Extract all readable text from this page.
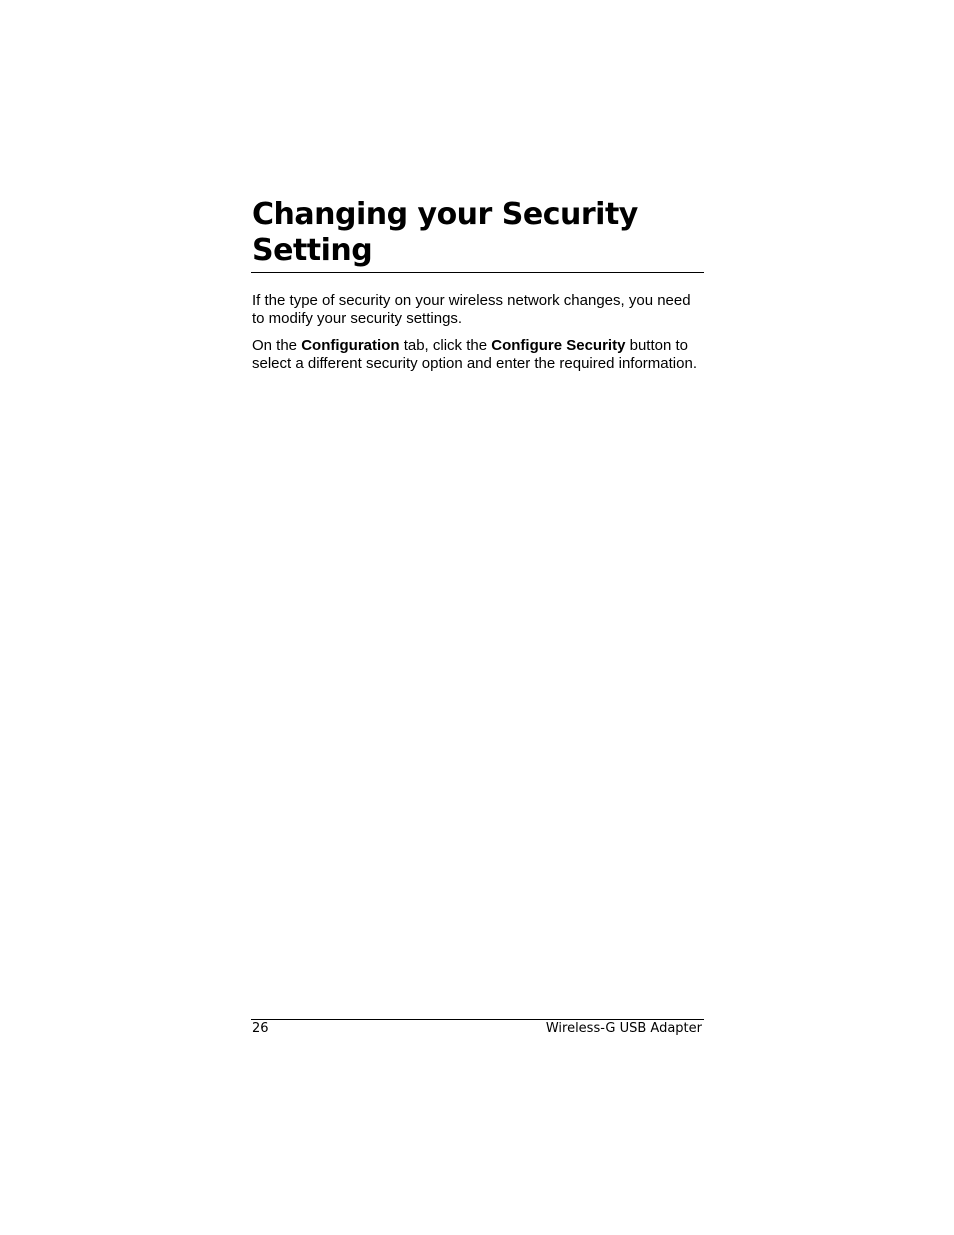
Changing your Security Setting

If the type of security on your wireless network changes, you need to modify your security settings.

On the Configuration tab, click the Configure Security button to select a different security option and enter the required information.

26	Wireless-G USB Adapter
